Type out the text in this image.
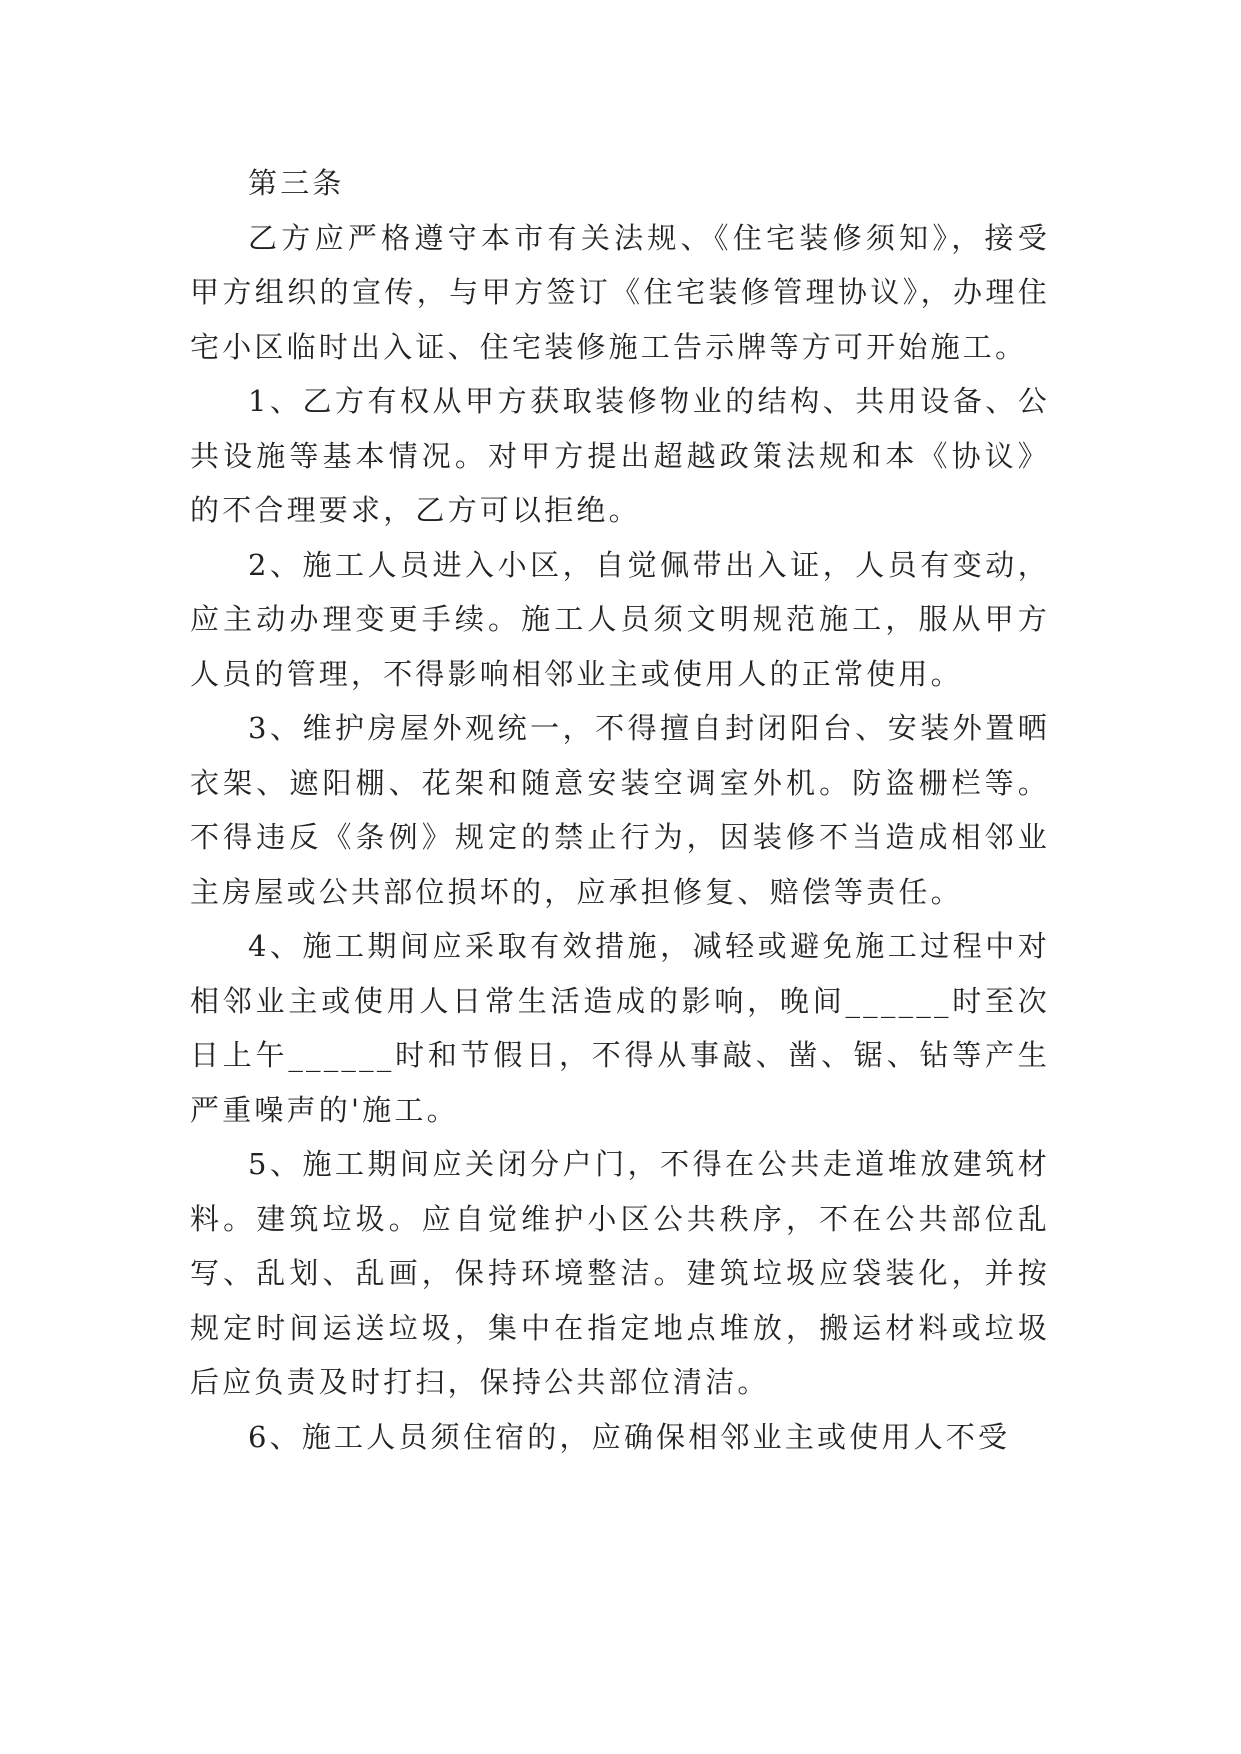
第三条

乙方应严格遵守本市有关法规、《住宅装修须知》，接受甲方组织的宣传，与甲方签订《住宅装修管理协议》，办理住宅小区临时出入证、住宅装修施工告示牌等方可开始施工。

1、乙方有权从甲方获取装修物业的结构、共用设备、公共设施等基本情况。对甲方提出超越政策法规和本《协议》的不合理要求，乙方可以拒绝。

2、施工人员进入小区，自觉佩带出入证，人员有变动，应主动办理变更手续。施工人员须文明规范施工，服从甲方人员的管理，不得影响相邻业主或使用人的正常使用。

3、维护房屋外观统一，不得擅自封闭阳台、安装外置晒衣架、遮阳棚、花架和随意安装空调室外机。防盗栅栏等。不得违反《条例》规定的禁止行为，因装修不当造成相邻业主房屋或公共部位损坏的，应承担修复、赔偿等责任。

4、施工期间应采取有效措施，减轻或避免施工过程中对相邻业主或使用人日常生活造成的影响，晚间______时至次日上午______时和节假日，不得从事敲、凿、锯、钻等产生严重噪声的'施工。

5、施工期间应关闭分户门，不得在公共走道堆放建筑材料。建筑垃圾。应自觉维护小区公共秩序，不在公共部位乱写、乱划、乱画，保持环境整洁。建筑垃圾应袋装化，并按规定时间运送垃圾，集中在指定地点堆放，搬运材料或垃圾后应负责及时打扫，保持公共部位清洁。

6、施工人员须住宿的，应确保相邻业主或使用人不受
